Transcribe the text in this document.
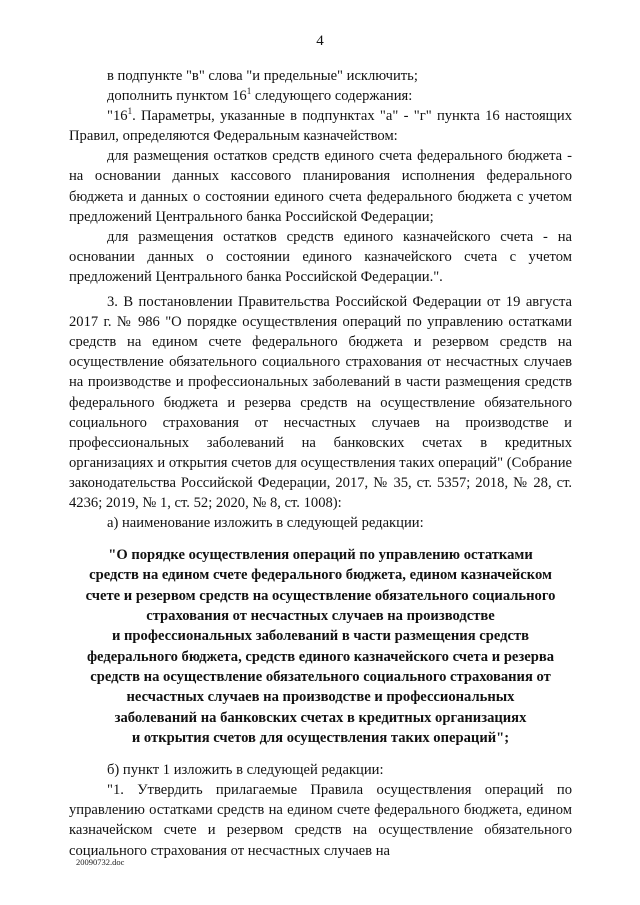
4

в подпункте "в" слова "и предельные" исключить;

дополнить пунктом $16^1$ следующего содержания:

"$16^1$. Параметры, указанные в подпунктах "а" - "г" пункта 16 настоящих Правил, определяются Федеральным казначейством:

для размещения остатков средств единого счета федерального бюджета - на основании данных кассового планирования исполнения федерального бюджета и данных о состоянии единого счета федерального бюджета с учетом предложений Центрального банка Российской Федерации;

для размещения остатков средств единого казначейского счета - на основании данных о состоянии единого казначейского счета с учетом предложений Центрального банка Российской Федерации.".

3. В постановлении Правительства Российской Федерации от 19 августа 2017 г. № 986 "О порядке осуществления операций по управлению остатками средств на едином счете федерального бюджета и резервом средств на осуществление обязательного социального страхования от несчастных случаев на производстве и профессиональных заболеваний в части размещения средств федерального бюджета и резерва средств на осуществление обязательного социального страхования от несчастных случаев на производстве и профессиональных заболеваний на банковских счетах в кредитных организациях и открытия счетов для осуществления таких операций" (Собрание законодательства Российской Федерации, 2017, № 35, ст. 5357; 2018, № 28, ст. 4236; 2019, № 1, ст. 52; 2020, № 8, ст. 1008):

а) наименование изложить в следующей редакции:

"О порядке осуществления операций по управлению остатками
средств на едином счете федерального бюджета, едином казначейском
счете и резервом средств на осуществление обязательного социального
страхования от несчастных случаев на производстве
и профессиональных заболеваний в части размещения средств
федерального бюджета, средств единого казначейского счета и резерва
средств на осуществление обязательного социального страхования от
несчастных случаев на производстве и профессиональных
заболеваний на банковских счетах в кредитных организациях
и открытия счетов для осуществления таких операций";

б) пункт 1 изложить в следующей редакции:

"1. Утвердить прилагаемые Правила осуществления операций по управлению остатками средств на едином счете федерального бюджета, едином казначейском счете и резервом средств на осуществление обязательного социального страхования от несчастных случаев на

20090732.doc
